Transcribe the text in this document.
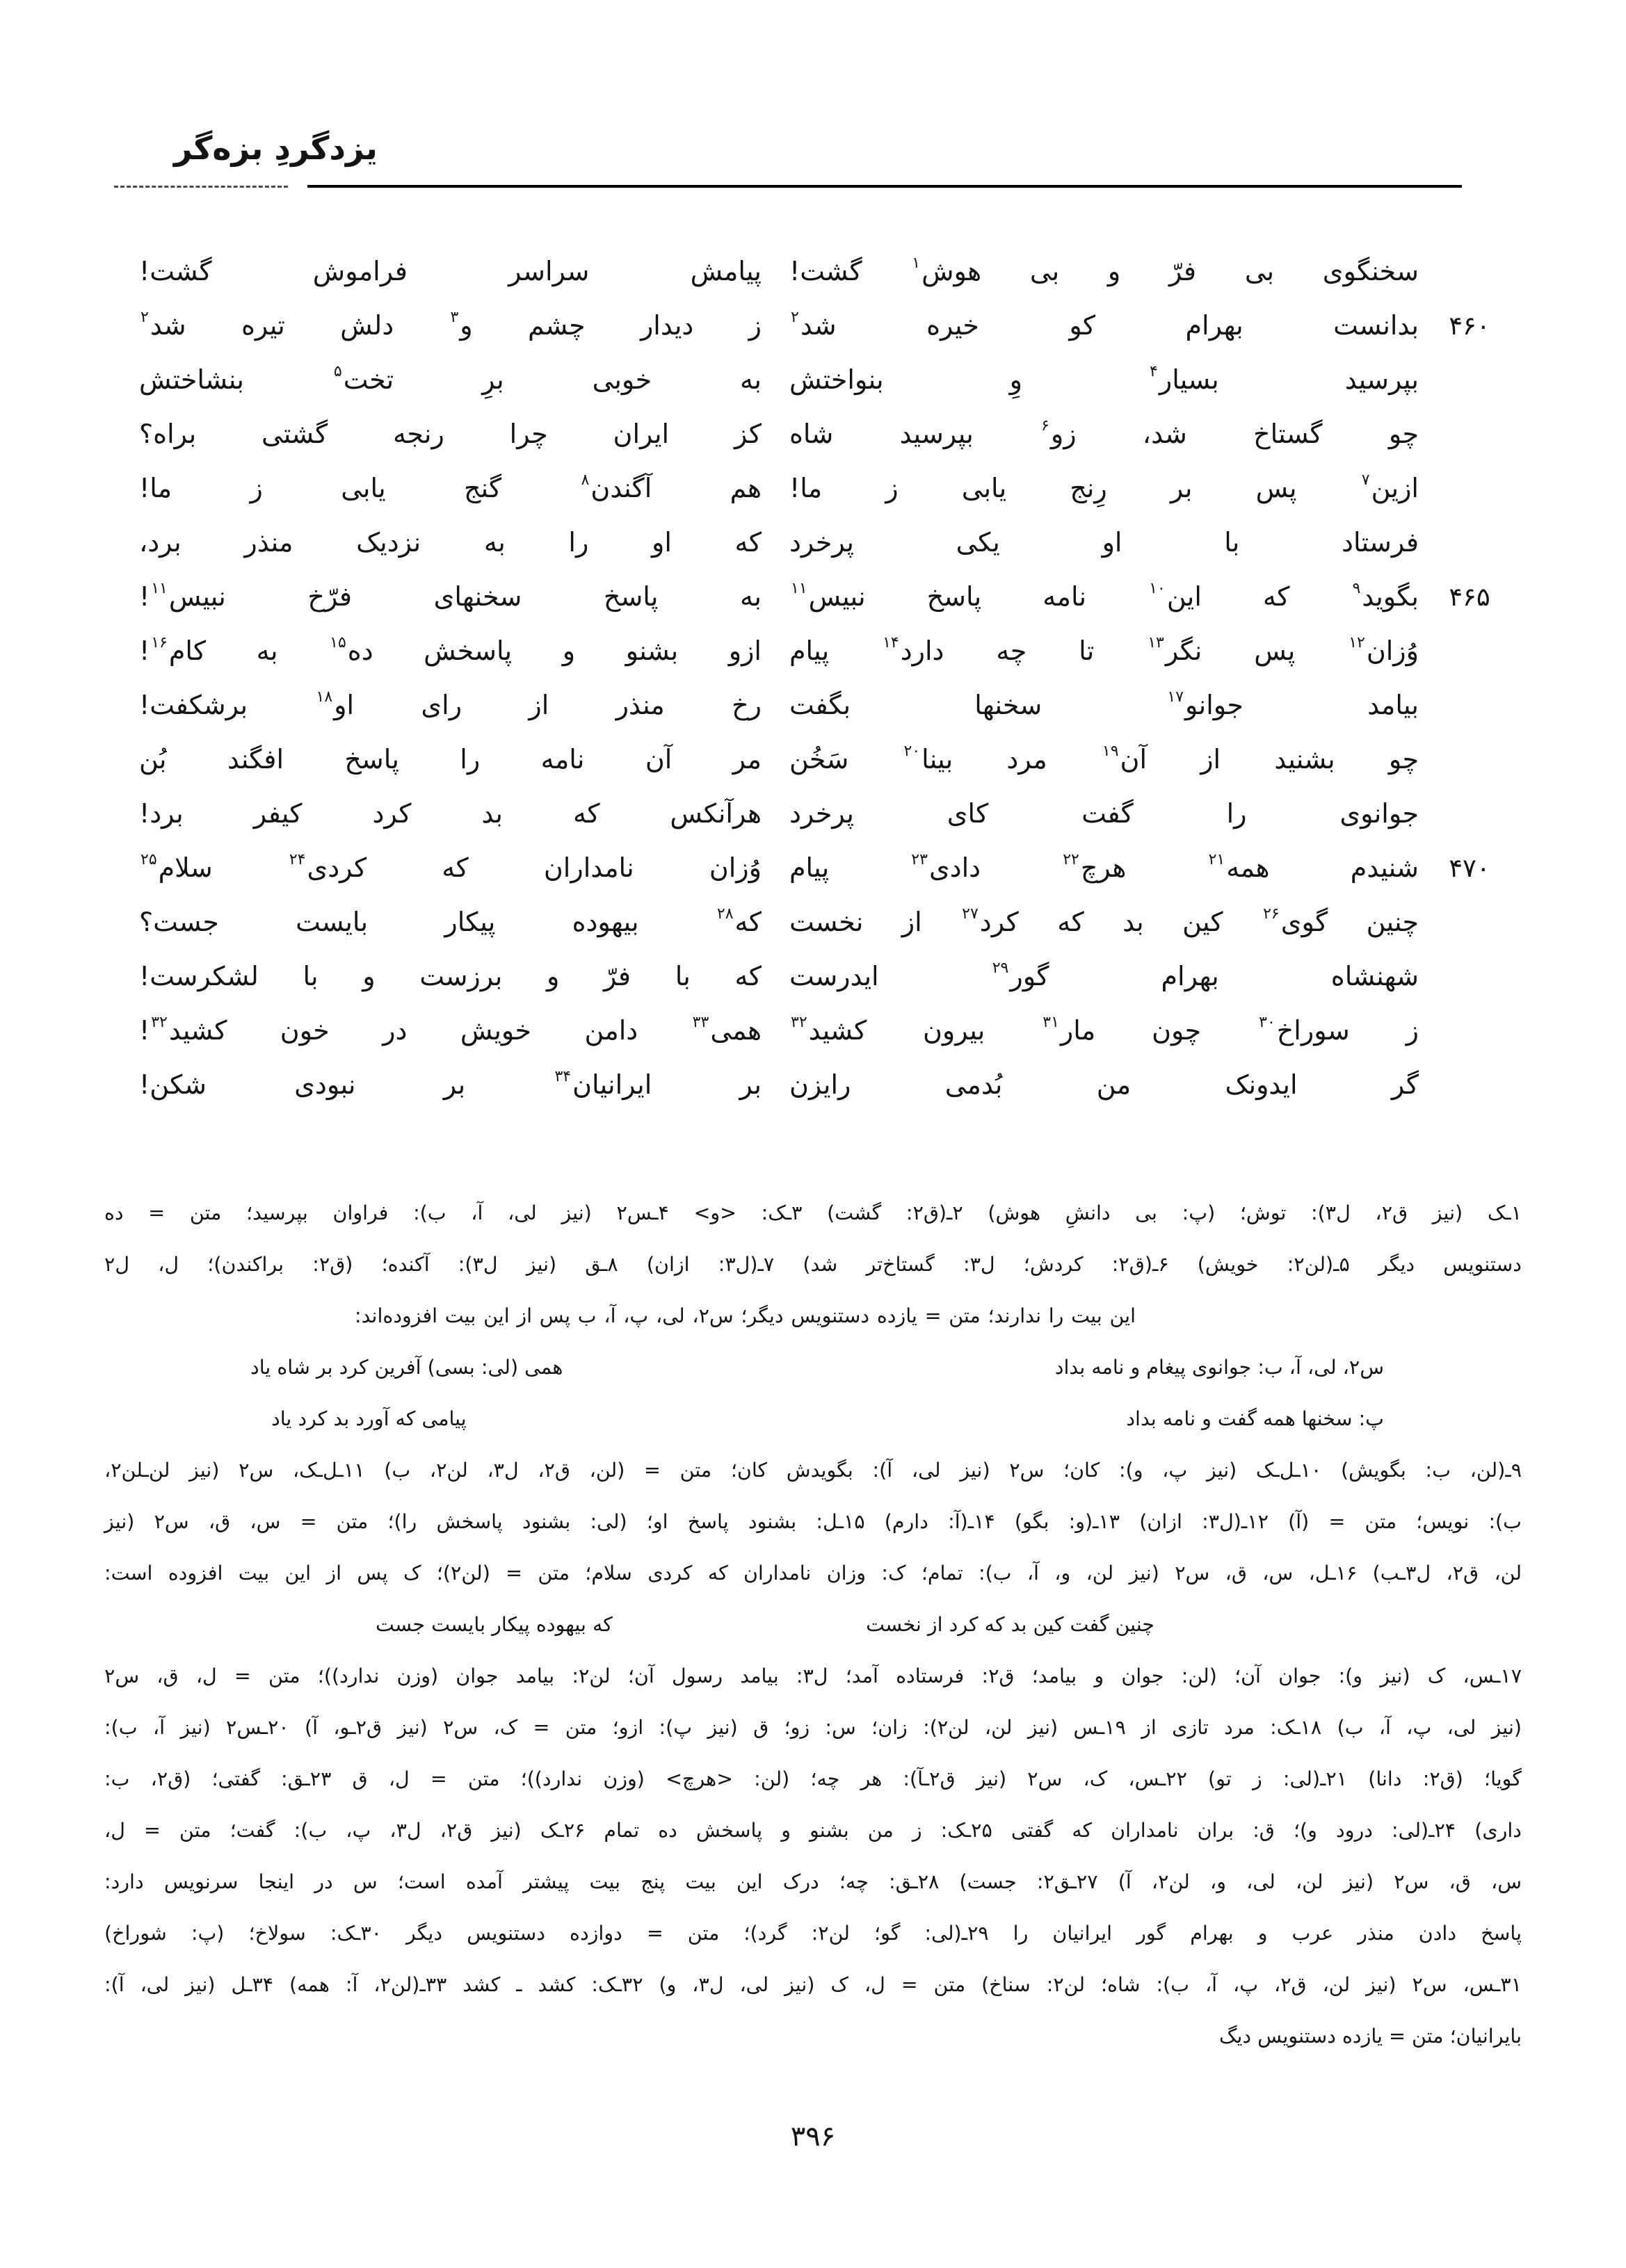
یزدگردِ بزه‌گر
سخنگوی بی فرّ و بی هوش$^۱$ گشت!
پیامش سراسر فراموش گشت!
۴۶۰
بدانست بهرام کو خیره شد$^۲$
ز دیدار چشم و$^۳$ دلش تیره شد$^۲$
بپرسید بسیار$^۴$ وِ بنواختش
به خوبی برِ تخت$^۵$ بنشاختش
چو گستاخ شد، زو$^۶$ بپرسید شاه
کز ایران چرا رنجه گشتی براه؟
ازین$^۷$ پس بر رِنج یابی ز ما!
هم آگندن$^۸$ گنج یابی ز ما!
فرستاد با او یکی پرخرد
که او را به نزدیک منذر برد،
۴۶۵
بگوید$^۹$ که این$^{۱۰}$ نامه پاسخ نبیس$^{۱۱}$
به پاسخ سخنهای فرّخ نبیس$^{۱۱}$!
وُزان$^{۱۲}$ پس نگر$^{۱۳}$ تا چه دارد$^{۱۴}$ پیام
ازو بشنو و پاسخش ده$^{۱۵}$ به کام$^{۱۶}$!
بیامد جوانو$^{۱۷}$ سخنها بگفت
رخ منذر از رای او$^{۱۸}$ برشکفت!
چو بشنید از آن$^{۱۹}$ مرد بینا$^{۲۰}$ سَخُن
مر آن نامه را پاسخ افگند بُن
جوانوی را گفت کای پرخرد
هرآنکس که بد کرد کیفر برد!
۴۷۰
شنیدم همه$^{۲۱}$ هرچ$^{۲۲}$ دادی$^{۲۳}$ پیام
وُزان نامداران که کردی$^{۲۴}$ سلام$^{۲۵}$
چنین گوی$^{۲۶}$ کین بد که کرد$^{۲۷}$ از نخست
که$^{۲۸}$ بیهوده پیکار بایست جست؟
شهنشاه بهرام گور$^{۲۹}$ ایدرست
که با فرّ و برزست و با لشکرست!
ز سوراخ$^{۳۰}$ چون مار$^{۳۱}$ بیرون کشید$^{۳۲}$
همی$^{۳۳}$ دامن خویش در خون کشید$^{۳۲}$!
گر ایدونک من بُدمی رایزن
بر ایرانیان$^{۳۴}$ بر نبودی شکن!

۱ـک (نیز ق۲، ل۳): توش؛ (پ: بی دانشِ هوش) ۲ـ(ق۲: گشت) ۳ـک: <و> ۴ـس۲ (نیز لی، آ، ب): فراوان بپرسید؛ متن = ده

دستنویس دیگر ۵ـ(لن۲: خویش) ۶ـ(ق۲: کردش؛ ل۳: گستاخ‌تر شد) ۷ـ(ل۳: ازان) ۸ـق (نیز ل۳): آکنده؛ (ق۲: براکندن)؛ ل، ل۲

این بیت را ندارند؛ متن = یازده دستنویس دیگر؛ س۲، لی، پ، آ، ب پس از این بیت افزوده‌اند:

س۲، لی، آ، ب: جوانوی پیغام و نامه بداد
همی (لی: بسی) آفرین کرد بر شاه یاد
پ: سخنها همه گفت و نامه بداد
پیامی که آورد بد کرد یاد

۹ـ(لن، ب: بگویش) ۱۰ـل‌ـک (نیز پ، و): کان؛ س۲ (نیز لی، آ): بگویدش کان؛ متن = (لن، ق۲، ل۳، لن۲، ب) ۱۱ـل‌ـک، س۲ (نیز لن‌ـلن۲،

ب): نویس؛ متن = (آ) ۱۲ـ(ل۳: ازان) ۱۳ـ(و: بگو) ۱۴ـ(آ: دارم) ۱۵ـل: بشنود پاسخ او؛ (لی: بشنود پاسخش را)؛ متن = س، ق، س۲ (نیز

لن، ق۲، ل۳ـب) ۱۶ـل، س، ق، س۲ (نیز لن، و، آ، ب): تمام؛ ک: وزان نامداران که کردی سلام؛ متن = (لن۲)؛ ک پس از این بیت افزوده است:

چنین گفت کین بد که کرد از نخست
که بیهوده پیکار بایست جست

۱۷ـس، ک (نیز و): جوان آن؛ (لن: جوان و بیامد؛ ق۲: فرستاده آمد؛ ل۳: بیامد رسول آن؛ لن۲: بیامد جوان (وزن ندارد))؛ متن = ل، ق، س۲

(نیز لی، پ، آ، ب) ۱۸ـک: مرد تازی از ۱۹ـس (نیز لن، لن۲): زان؛ س: زو؛ ق (نیز پ): ازو؛ متن = ک، س۲ (نیز ق۲ـو، آ) ۲۰ـس۲ (نیز آ، ب):

گویا؛ (ق۲: دانا) ۲۱ـ(لی: ز تو) ۲۲ـس، ک، س۲ (نیز ق۲ـآ): هر چه؛ (لن: <هرچ> (وزن ندارد))؛ متن = ل، ق ۲۳ـق: گفتی؛ (ق۲، ب:

داری) ۲۴ـ(لی: درود و)؛ ق: بران نامداران که گفتی ۲۵ـک: ز من بشنو و پاسخش ده تمام ۲۶ـک (نیز ق۲، ل۳، پ، ب): گفت؛ متن = ل،

س، ق، س۲ (نیز لن، لی، و، لن۲، آ) ۲۷ـق۲: جست) ۲۸ـق: چه؛ درک این بیت پنج بیت پیشتر آمده است؛ س در اینجا سرنویس دارد:

پاسخ دادن منذر عرب و بهرام گور ایرانیان را ۲۹ـ(لی: گو؛ لن۲: گرد)؛ متن = دوازده دستنویس دیگر ۳۰ـک: سولاخ؛ (پ: شوراخ)

۳۱ـس، س۲ (نیز لن، ق۲، پ، آ، ب): شاه؛ لن۲: سناخ) متن = ل، ک (نیز لی، ل۳، و) ۳۲ـک: کشد ـ کشد ۳۳ـ(لن۲، آ: همه) ۳۴ـل (نیز لی، آ):

بایرانیان؛ متن = یازده دستنویس دیگ

۳۹۶
